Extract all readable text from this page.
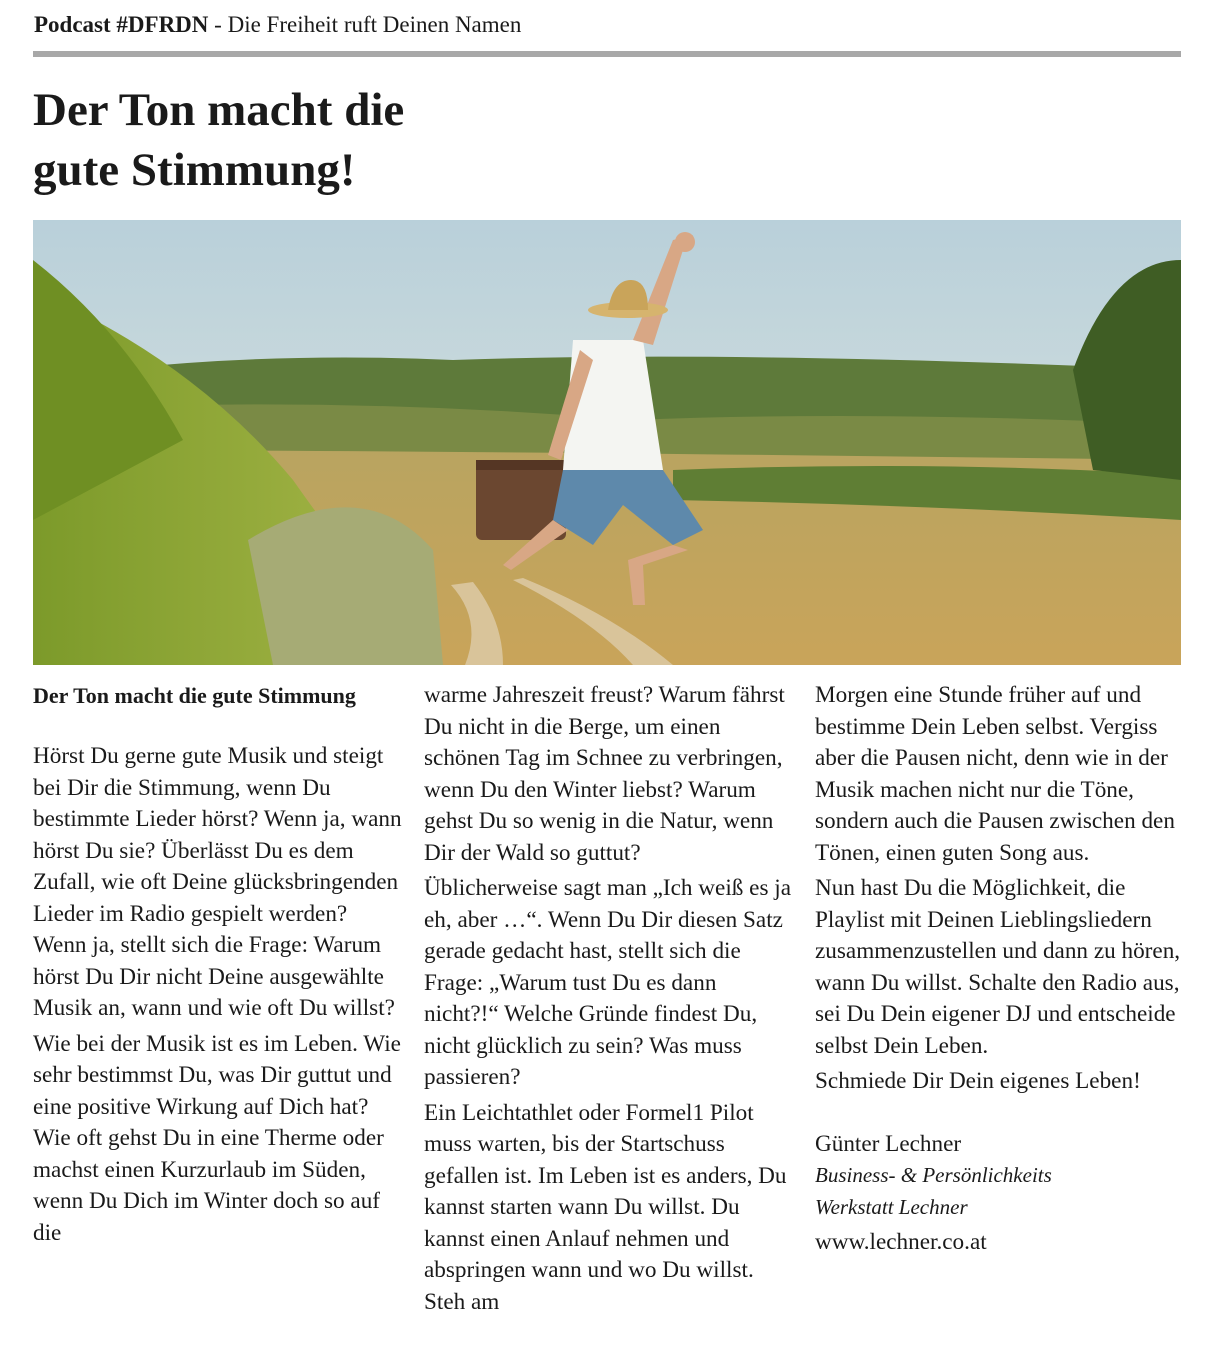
Podcast #DFRDN - Die Freiheit ruft Deinen Namen
Der Ton macht die
gute Stimmung!

Der Ton macht die gute Stimmung

Hörst Du gerne gute Musik und steigt bei Dir die Stimmung, wenn Du bestimmte Lieder hörst? Wenn ja, wann hörst Du sie? Überlässt Du es dem Zufall, wie oft Deine glücksbringenden Lieder im Radio gespielt werden? Wenn ja, stellt sich die Frage: Warum hörst Du Dir nicht Deine ausgewählte Musik an, wann und wie oft Du willst?

Wie bei der Musik ist es im Leben. Wie sehr bestimmst Du, was Dir guttut und eine positive Wirkung auf Dich hat? Wie oft gehst Du in eine Therme oder machst einen Kurzurlaub im Süden, wenn Du Dich im Winter doch so auf die

warme Jahreszeit freust? Warum fährst Du nicht in die Berge, um einen schönen Tag im Schnee zu verbringen, wenn Du den Winter liebst? Warum gehst Du so wenig in die Natur, wenn Dir der Wald so guttut?

Üblicherweise sagt man „Ich weiß es ja eh, aber …“. Wenn Du Dir diesen Satz gerade gedacht hast, stellt sich die Frage: „Warum tust Du es dann nicht?!“ Welche Gründe findest Du, nicht glücklich zu sein? Was muss passieren?

Ein Leichtathlet oder Formel1 Pilot muss warten, bis der Startschuss gefallen ist. Im Leben ist es anders, Du kannst starten wann Du willst. Du kannst einen Anlauf nehmen und abspringen wann und wo Du willst. Steh am

Morgen eine Stunde früher auf und bestimme Dein Leben selbst. Vergiss aber die Pausen nicht, denn wie in der Musik machen nicht nur die Töne, sondern auch die Pausen zwischen den Tönen, einen guten Song aus.

Nun hast Du die Möglichkeit, die Playlist mit Deinen Lieblingsliedern zusammenzustellen und dann zu hören, wann Du willst. Schalte den Radio aus, sei Du Dein eigener DJ und entscheide selbst Dein Leben.

Schmiede Dir Dein eigenes Leben!

Günter Lechner

Business- & Persönlichkeits
Werkstatt Lechner
www.lechner.co.at
